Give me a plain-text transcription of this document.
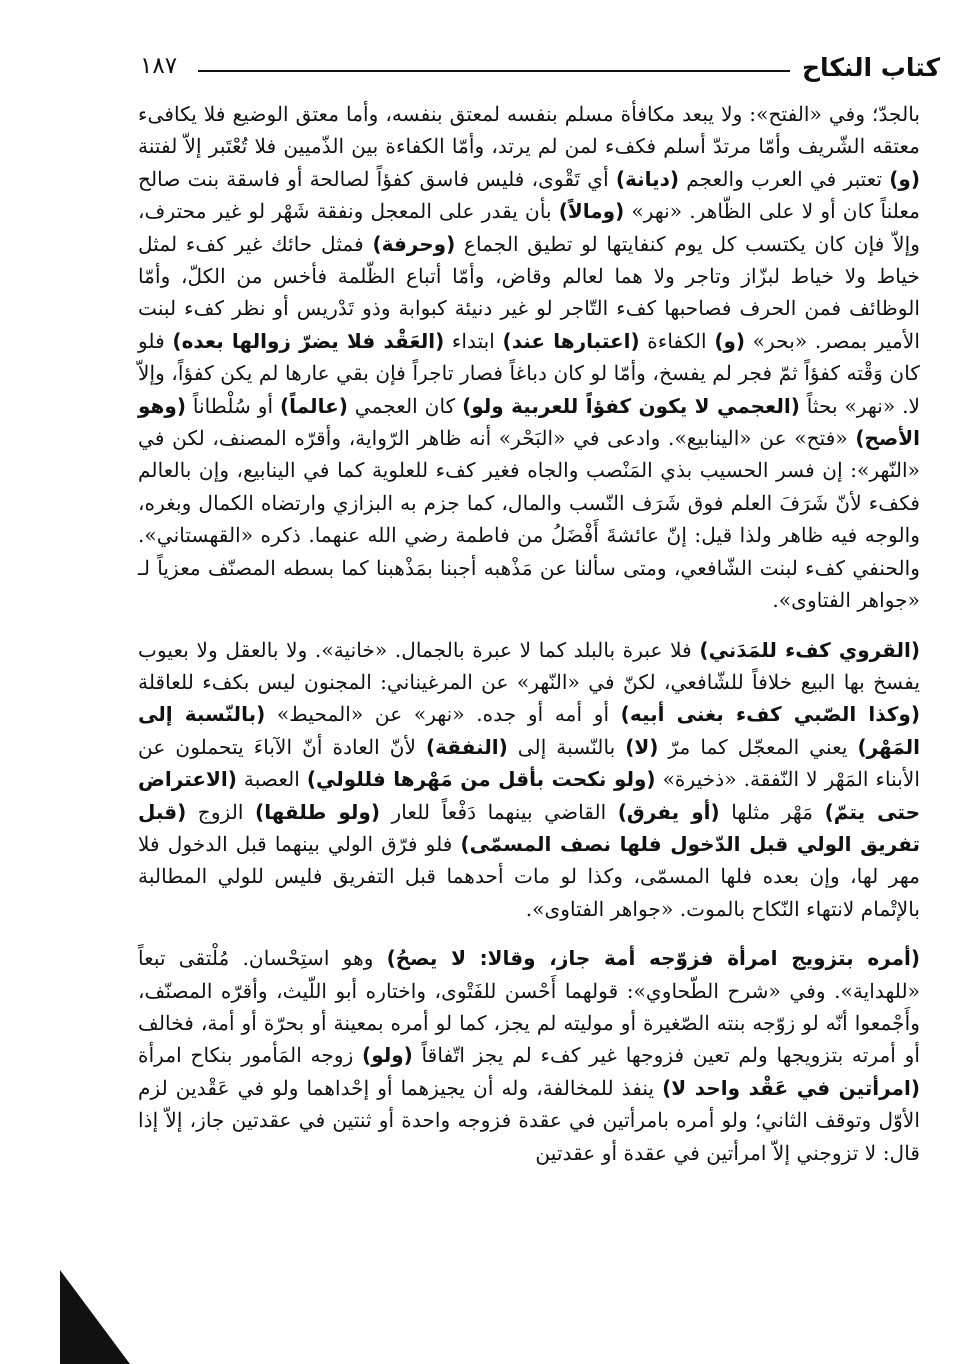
كتاب النكاح
١٨٧

بالجدّ؛ وفي «الفتح»: ولا يبعد مكافأة مسلم بنفسه لمعتق بنفسه، وأما معتق الوضيع فلا يكافىء معتقه الشّريف وأمّا مرتدّ أسلم فكفء لمن لم يرتد، وأمّا الكفاءة بين الذّميين فلا تُعْتَبر إلاّ لفتنة (و) تعتبر في العرب والعجم (ديانة) أي تَقْوى، فليس فاسق كفؤاً لصالحة أو فاسقة بنت صالح معلناً كان أو لا على الظّاهر. «نهر» (ومالاً) بأن يقدر على المعجل ونفقة شَهْر لو غير محترف، وإلاّ فإن كان يكتسب كل يوم كنفايتها لو تطيق الجماع (وحرفة) فمثل حائك غير كفء لمثل خياط ولا خياط لبزّاز وتاجر ولا هما لعالم وقاض، وأمّا أتباع الظّلمة فأخس من الكلّ، وأمّا الوظائف فمن الحرف فصاحبها كفء التّاجر لو غير دنيئة كبوابة وذو تَدْريس أو نظر كفء لبنت الأمير بمصر. «بحر» (و) الكفاءة (اعتبارها عند) ابتداء (العَقْد فلا يضرّ زوالها بعده) فلو كان وَقْته كفؤاً ثمّ فجر لم يفسخ، وأمّا لو كان دباغاً فصار تاجراً فإن بقي عارها لم يكن كفؤاً، وإلاّ لا. «نهر» بحثاً (العجمي لا يكون كفؤاً للعربية ولو) كان العجمي (عالماً) أو سُلْطاناً (وهو الأصح) «فتح» عن «الينابيع». وادعى في «البَحْر» أنه ظاهر الرّواية، وأقرّه المصنف، لكن في «النّهر»: إن فسر الحسيب بذي المَنْصب والجاه فغير كفء للعلوية كما في الينابيع، وإن بالعالم فكفء لأنّ شَرَفَ العلم فوق شَرَف النّسب والمال، كما جزم به البزازي وارتضاه الكمال وبغره، والوجه فيه ظاهر ولذا قيل: إنّ عائشةَ أَفْضَلُ من فاطمة رضي الله عنهما. ذكره «القهستاني». والحنفي كفء لبنت الشّافعي، ومتى سألنا عن مَذْهبه أجبنا بمَذْهبنا كما بسطه المصنّف معزياً لـ «جواهر الفتاوى».

(القروي كفء للمَدَني) فلا عبرة بالبلد كما لا عبرة بالجمال. «خانية». ولا بالعقل ولا بعيوب يفسخ بها البيع خلافاً للشّافعي، لكنّ في «النّهر» عن المرغيناني: المجنون ليس بكفء للعاقلة (وكذا الصّبي كفء بغنى أبيه) أو أمه أو جده. «نهر» عن «المحيط» (بالنّسبة إلى المَهْر) يعني المعجّل كما مرّ (لا) بالنّسبة إلى (النفقة) لأنّ العادة أنّ الآباءَ يتحملون عن الأبناء المَهْر لا النّفقة. «ذخيرة» (ولو نكحت بأقل من مَهْرها فللولي) العصبة (الاعتراض حتى يتمّ) مَهْر مثلها (أو يفرق) القاضي بينهما دَفْعاً للعار (ولو طلقها) الزوج (قبل تفريق الولي قبل الدّخول فلها نصف المسمّى) فلو فرّق الولي بينهما قبل الدخول فلا مهر لها، وإن بعده فلها المسمّى، وكذا لو مات أحدهما قبل التفريق فليس للولي المطالبة بالإتْمام لانتهاء النّكاح بالموت. «جواهر الفتاوى».

(أمره بتزويج امرأة فزوّجه أمة جاز، وقالا: لا يصحُ) وهو استِحْسان. مُلْتقى تبعاً «للهداية». وفي «شرح الطّحاوي»: قولهما أَحْسن للفَتْوى، واختاره أبو اللّيث، وأقرّه المصنّف، وأَجْمعوا أنّه لو زوّجه بنته الصّغيرة أو موليته لم يجز، كما لو أمره بمعينة أو بحرّة أو أمة، فخالف أو أمرته بتزويجها ولم تعين فزوجها غير كفء لم يجز اتّفاقاً (ولو) زوجه المَأمور بنكاح امرأة (امرأتين في عَقْد واحد لا) ينفذ للمخالفة، وله أن يجيزهما أو إحْداهما ولو في عَقْدين لزم الأوّل وتوقف الثاني؛ ولو أمره بامرأتين في عقدة فزوجه واحدة أو ثنتين في عقدتين جاز، إلاّ إذا قال: لا تزوجني إلاّ امرأتين في عقدة أو عقدتين
